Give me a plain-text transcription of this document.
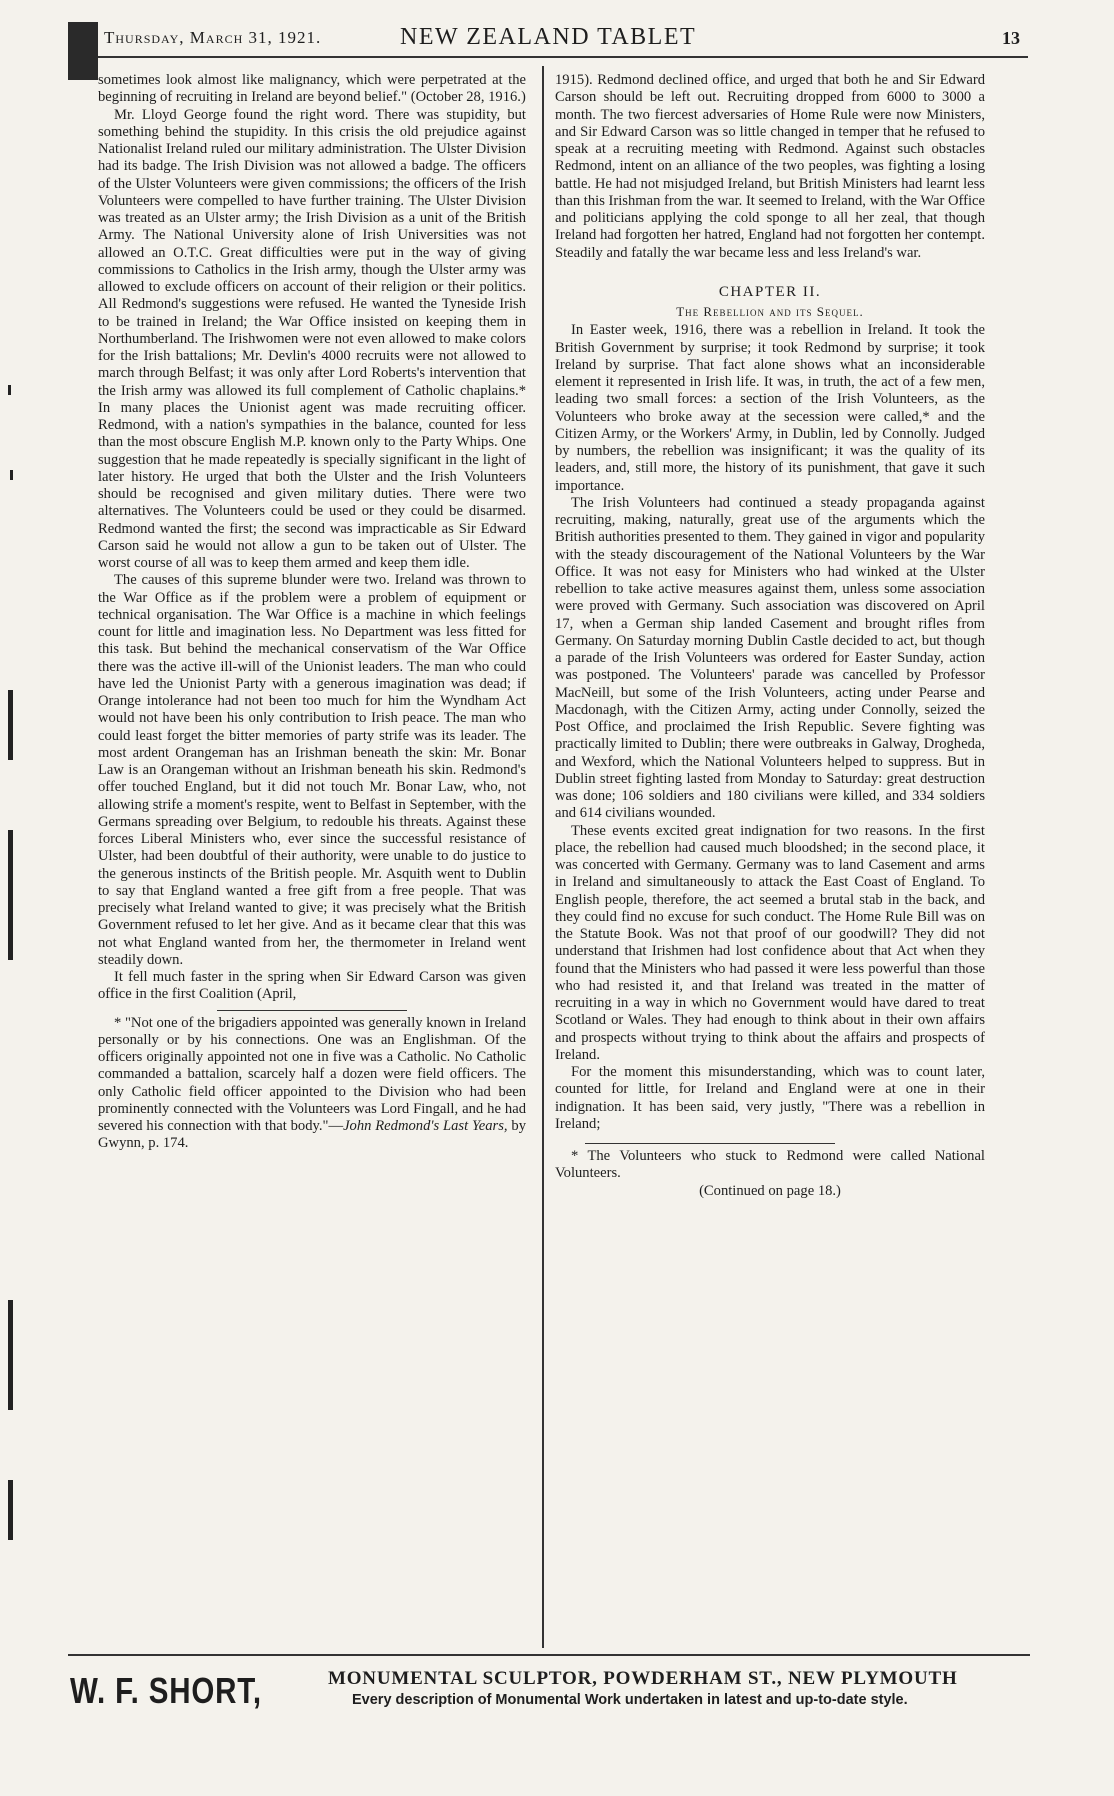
Thursday, March 31, 1921.	NEW ZEALAND TABLET	13

sometimes look almost like malignancy, which were perpetrated at the beginning of recruiting in Ireland are beyond belief." (October 28, 1916.)

Mr. Lloyd George found the right word. There was stupidity, but something behind the stupidity. In this crisis the old prejudice against Nationalist Ireland ruled our military administration. The Ulster Division had its badge. The Irish Division was not allowed a badge. The officers of the Ulster Volunteers were given commissions; the officers of the Irish Volunteers were compelled to have further training. The Ulster Division was treated as an Ulster army; the Irish Division as a unit of the British Army. The National University alone of Irish Universities was not allowed an O.T.C. Great difficulties were put in the way of giving commissions to Catholics in the Irish army, though the Ulster army was allowed to exclude officers on account of their religion or their politics. All Redmond's suggestions were refused. He wanted the Tyneside Irish to be trained in Ireland; the War Office insisted on keeping them in Northumberland. The Irishwomen were not even allowed to make colors for the Irish battalions; Mr. Devlin's 4000 recruits were not allowed to march through Belfast; it was only after Lord Roberts's intervention that the Irish army was allowed its full complement of Catholic chaplains.* In many places the Unionist agent was made recruiting officer. Redmond, with a nation's sympathies in the balance, counted for less than the most obscure English M.P. known only to the Party Whips. One suggestion that he made repeatedly is specially significant in the light of later history. He urged that both the Ulster and the Irish Volunteers should be recognised and given military duties. There were two alternatives. The Volunteers could be used or they could be disarmed. Redmond wanted the first; the second was impracticable as Sir Edward Carson said he would not allow a gun to be taken out of Ulster. The worst course of all was to keep them armed and keep them idle.

The causes of this supreme blunder were two. Ireland was thrown to the War Office as if the problem were a problem of equipment or technical organisation. The War Office is a machine in which feelings count for little and imagination less. No Department was less fitted for this task. But behind the mechanical conservatism of the War Office there was the active ill-will of the Unionist leaders. The man who could have led the Unionist Party with a generous imagination was dead; if Orange intolerance had not been too much for him the Wyndham Act would not have been his only contribution to Irish peace. The man who could least forget the bitter memories of party strife was its leader. The most ardent Orangeman has an Irishman beneath the skin: Mr. Bonar Law is an Orangeman without an Irishman beneath his skin. Redmond's offer touched England, but it did not touch Mr. Bonar Law, who, not allowing strife a moment's respite, went to Belfast in September, with the Germans spreading over Belgium, to redouble his threats. Against these forces Liberal Ministers who, ever since the successful resistance of Ulster, had been doubtful of their authority, were unable to do justice to the generous instincts of the British people. Mr. Asquith went to Dublin to say that England wanted a free gift from a free people. That was precisely what Ireland wanted to give; it was precisely what the British Government refused to let her give. And as it became clear that this was not what England wanted from her, the thermometer in Ireland went steadily down.

It fell much faster in the spring when Sir Edward Carson was given office in the first Coalition (April,

* "Not one of the brigadiers appointed was generally known in Ireland personally or by his connections. One was an Englishman. Of the officers originally appointed not one in five was a Catholic. No Catholic commanded a battalion, scarcely half a dozen were field officers. The only Catholic field officer appointed to the Division who had been prominently connected with the Volunteers was Lord Fingall, and he had severed his connection with that body."—John Redmond's Last Years, by Gwynn, p. 174.

1915). Redmond declined office, and urged that both he and Sir Edward Carson should be left out. Recruiting dropped from 6000 to 3000 a month. The two fiercest adversaries of Home Rule were now Ministers, and Sir Edward Carson was so little changed in temper that he refused to speak at a recruiting meeting with Redmond. Against such obstacles Redmond, intent on an alliance of the two peoples, was fighting a losing battle. He had not misjudged Ireland, but British Ministers had learnt less than this Irishman from the war. It seemed to Ireland, with the War Office and politicians applying the cold sponge to all her zeal, that though Ireland had forgotten her hatred, England had not forgotten her contempt. Steadily and fatally the war became less and less Ireland's war.

CHAPTER II.
The Rebellion and its Sequel.

In Easter week, 1916, there was a rebellion in Ireland. It took the British Government by surprise; it took Redmond by surprise; it took Ireland by surprise. That fact alone shows what an inconsiderable element it represented in Irish life. It was, in truth, the act of a few men, leading two small forces: a section of the Irish Volunteers, as the Volunteers who broke away at the secession were called,* and the Citizen Army, or the Workers' Army, in Dublin, led by Connolly. Judged by numbers, the rebellion was insignificant; it was the quality of its leaders, and, still more, the history of its punishment, that gave it such importance.

The Irish Volunteers had continued a steady propaganda against recruiting, making, naturally, great use of the arguments which the British authorities presented to them. They gained in vigor and popularity with the steady discouragement of the National Volunteers by the War Office. It was not easy for Ministers who had winked at the Ulster rebellion to take active measures against them, unless some association were proved with Germany. Such association was discovered on April 17, when a German ship landed Casement and brought rifles from Germany. On Saturday morning Dublin Castle decided to act, but though a parade of the Irish Volunteers was ordered for Easter Sunday, action was postponed. The Volunteers' parade was cancelled by Professor MacNeill, but some of the Irish Volunteers, acting under Pearse and Macdonagh, with the Citizen Army, acting under Connolly, seized the Post Office, and proclaimed the Irish Republic. Severe fighting was practically limited to Dublin; there were outbreaks in Galway, Drogheda, and Wexford, which the National Volunteers helped to suppress. But in Dublin street fighting lasted from Monday to Saturday: great destruction was done; 106 soldiers and 180 civilians were killed, and 334 soldiers and 614 civilians wounded.

These events excited great indignation for two reasons. In the first place, the rebellion had caused much bloodshed; in the second place, it was concerted with Germany. Germany was to land Casement and arms in Ireland and simultaneously to attack the East Coast of England. To English people, therefore, the act seemed a brutal stab in the back, and they could find no excuse for such conduct. The Home Rule Bill was on the Statute Book. Was not that proof of our goodwill? They did not understand that Irishmen had lost confidence about that Act when they found that the Ministers who had passed it were less powerful than those who had resisted it, and that Ireland was treated in the matter of recruiting in a way in which no Government would have dared to treat Scotland or Wales. They had enough to think about in their own affairs and prospects without trying to think about the affairs and prospects of Ireland.

For the moment this misunderstanding, which was to count later, counted for little, for Ireland and England were at one in their indignation. It has been said, very justly, "There was a rebellion in Ireland;

* The Volunteers who stuck to Redmond were called National Volunteers.

(Continued on page 18.)
W. F. SHORT,	MONUMENTAL SCULPTOR, POWDERHAM ST., NEW PLYMOUTH
Every description of Monumental Work undertaken in latest and up-to-date style.
